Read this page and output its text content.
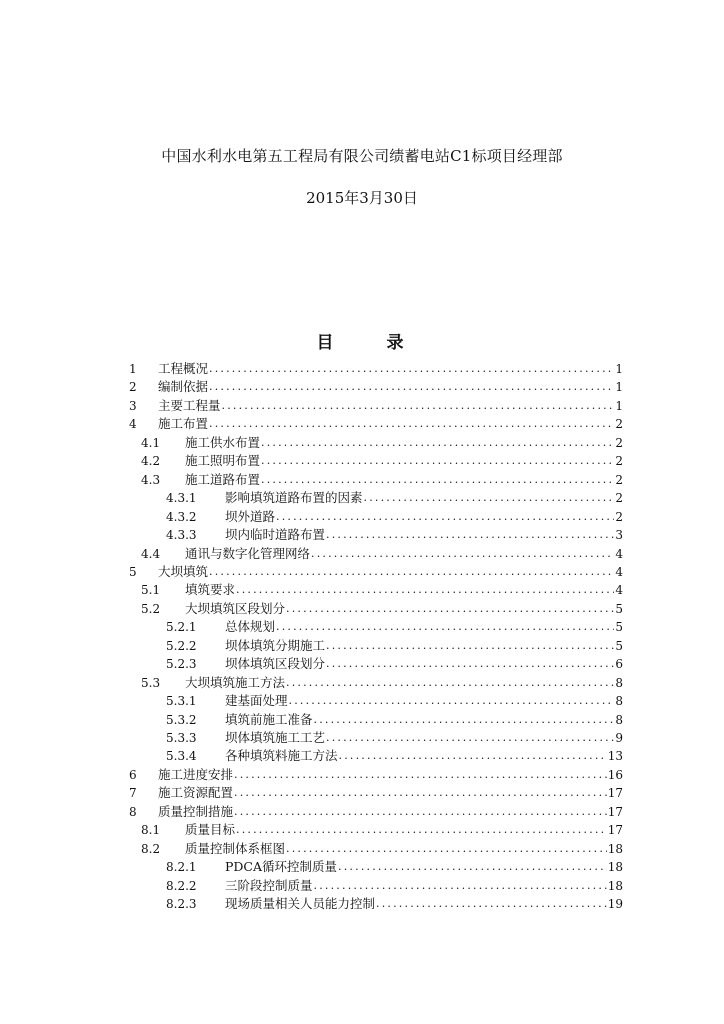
中国水利水电第五工程局有限公司绩蓄电站C1标项目经理部
2015年3月30日
目　录
1	工程概况 .....	1
2	编制依据 .....	1
3	主要工程量 .....	1
4	施工布置 .....	2
4.1	施工供水布置 .....	2
4.2	施工照明布置 .....	2
4.3	施工道路布置 .....	2
4.3.1	影响填筑道路布置的因素 .....	2
4.3.2	坝外道路 .....	2
4.3.3	坝内临时道路布置 .....	3
4.4	通讯与数字化管理网络 .....	4
5	大坝填筑 .....	4
5.1	填筑要求 .....	4
5.2	大坝填筑区段划分 .....	5
5.2.1	总体规划 .....	5
5.2.2	坝体填筑分期施工 .....	5
5.2.3	坝体填筑区段划分 .....	6
5.3	大坝填筑施工方法 .....	8
5.3.1	建基面处理 .....	8
5.3.2	填筑前施工准备 .....	8
5.3.3	坝体填筑施工工艺 .....	9
5.3.4	各种填筑料施工方法 .....	13
6	施工进度安排 .....	16
7	施工资源配置 .....	17
8	质量控制措施 .....	17
8.1	质量目标 .....	17
8.2	质量控制体系框图 .....	18
8.2.1	PDCA循环控制质量 .....	18
8.2.2	三阶段控制质量 .....	18
8.2.3	现场质量相关人员能力控制 .....	19
